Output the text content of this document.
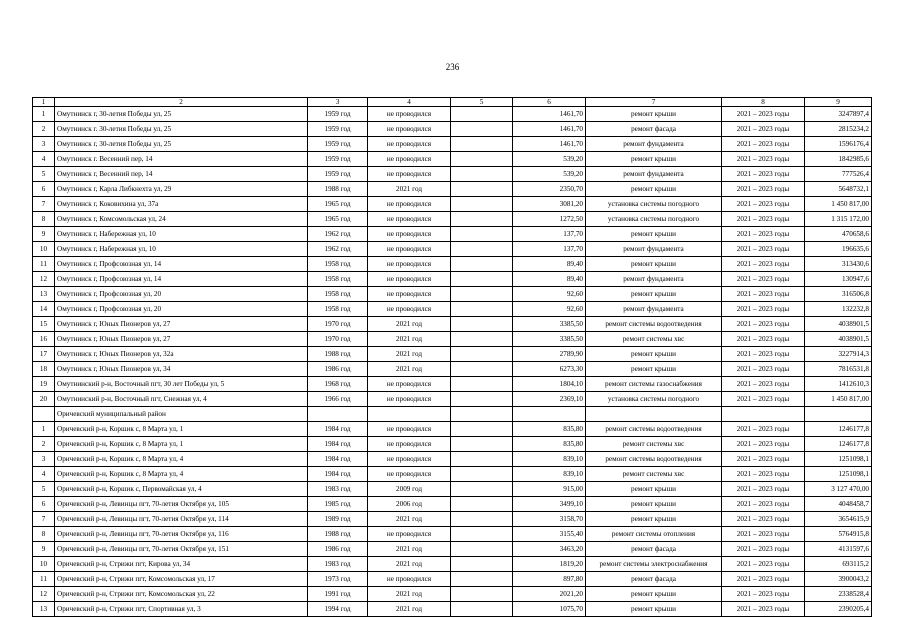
236
1	2	3	4	5	6	7	8	9
1	Омутнинск г, 30-летия Победы ул, 25	1959 год	не проводился		1461,70	ремонт крыши	2021 – 2023 годы	3247897,4
2	Омутнинск г. 30-летия Победы ул, 25	1959 год	не проводился		1461,70	ремонт фасада	2021 – 2023 годы	2815234,2
3	Омутнинск г, 30-летия Победы ул, 25	1959 год	не проводился		1461,70	ремонт фундамента	2021 – 2023 годы	1596176,4
4	Омутнинск г. Весенний пер, 14	1959 год	не проводился		539,20	ремонт крыши	2021 – 2023 годы	1842985,6
5	Омутнинск г, Весенний пер, 14	1959 год	не проводился		539,20	ремонт фундамента	2021 – 2023 годы	777526,4
6	Омутнинск г, Карла Либкнехта ул, 29	1988 год	2021 год		2350,70	ремонт крыши	2021 – 2023 годы	5648732,1
7	Омутнинск г, Коковихина ул, 37а	1965 год	не проводился		3081,20	установка системы погодного	2021 – 2023 годы	1 450 817,00
8	Омутнинск г, Комсомольская ул, 24	1965 год	не проводился		1272,50	установка системы погодного	2021 – 2023 годы	1 315 172,00
9	Омутнинск г, Набережная ул, 10	1962 год	не проводился		137,70	ремонт крыши	2021 – 2023 годы	470658,6
10	Омутнинск г, Набережная ул, 10	1962 год	не проводился		137,70	ремонт фундамента	2021 – 2023 годы	196635,6
11	Омутнинск г, Профсоюзная ул, 14	1958 год	не проводился		89,40	ремонт крыши	2021 – 2023 годы	313430,6
12	Омутнинск г, Профсоюзная ул, 14	1958 год	не проводился		89,40	ремонт фундамента	2021 – 2023 годы	130947,6
13	Омутнинск г, Профсоюзная ул, 20	1958 год	не проводился		92,60	ремонт крыши	2021 – 2023 годы	316506,8
14	Омутнинск г, Профсоюзная ул, 20	1958 год	не проводился		92,60	ремонт фундамента	2021 – 2023 годы	132232,8
15	Омутнинск г, Юных Пионеров ул, 27	1970 год	2021 год		3385,50	ремонт системы водоотведения	2021 – 2023 годы	4038901,5
16	Омутнинск г, Юных Пионеров ул, 27	1970 год	2021 год		3385,50	ремонт системы хвс	2021 – 2023 годы	4038901,5
17	Омутнинск г, Юных Пионеров ул, 32а	1988 год	2021 год		2789,90	ремонт крыши	2021 – 2023 годы	3227914,3
18	Омутнинск г, Юных Пионеров ул, 34	1986 год	2021 год		6273,30	ремонт крыши	2021 – 2023 годы	7816531,8
19	Омутнинский р-н, Восточный пгт, 30 лет Победы ул, 5	1968 год	не проводился		1804,10	ремонт системы газоснабжения	2021 – 2023 годы	1412610,3
20	Омутнинский р-н, Восточный пгт, Снежная ул, 4	1966 год	не проводился		2369,10	установка системы погодного	2021 – 2023 годы	1 450 817,00
	Оричевский муниципальный район							
1	Оричевский р-н, Коршик с, 8 Марта ул, 1	1984 год	не проводился		835,80	ремонт системы водоотведения	2021 – 2023 годы	1246177,8
2	Оричевский р-н, Коршик с, 8 Марта ул, 1	1984 год	не проводился		835,80	ремонт системы хвс	2021 – 2023 годы	1246177,8
3	Оричевский р-н, Коршик с, 8 Марта ул, 4	1984 год	не проводился		839,10	ремонт системы водоотведения	2021 – 2023 годы	1251098,1
4	Оричевский р-н, Коршик с, 8 Марта ул, 4	1984 год	не проводился		839,10	ремонт системы хвс	2021 – 2023 годы	1251098,1
5	Оричевский р-н, Коршик с, Первомайская ул, 4	1983 год	2009 год		915,00	ремонт крыши	2021 – 2023 годы	3 127 470,00
6	Оричевский р-н, Левинцы пгт, 70-летия Октября ул, 105	1985 год	2006 год		3499,10	ремонт крыши	2021 – 2023 годы	4048458,7
7	Оричевский р-н, Левинцы пгт, 70-летия Октября ул, 114	1989 год	2021 год		3158,70	ремонт крыши	2021 – 2023 годы	3654615,9
8	Оричевский р-н, Левинцы пгт, 70-летия Октября ул, 116	1988 год	не проводился		3155,40	ремонт системы отопления	2021 – 2023 годы	5764915,8
9	Оричевский р-н, Левинцы пгт, 70-летия Октября ул, 151	1986 год	2021 год		3463,20	ремонт фасада	2021 – 2023 годы	4131597,6
10	Оричевский р-н, Стрижи пгт, Кирова ул, 34	1983 год	2021 год		1819,20	ремонт системы электроснабжения	2021 – 2023 годы	693115,2
11	Оричевский р-н, Стрижи пгт, Комсомольская ул, 17	1973 год	не проводился		897,80	ремонт фасада	2021 – 2023 годы	3900043,2
12	Оричевский р-н, Стрижи пгт, Комсомольская ул, 22	1991 год	2021 год		2021,20	ремонт крыши	2021 – 2023 годы	2338528,4
13	Оричевский р-н, Стрижи пгт, Спортивная ул, 3	1994 год	2021 год		1075,70	ремонт крыши	2021 – 2023 годы	2390205,4
